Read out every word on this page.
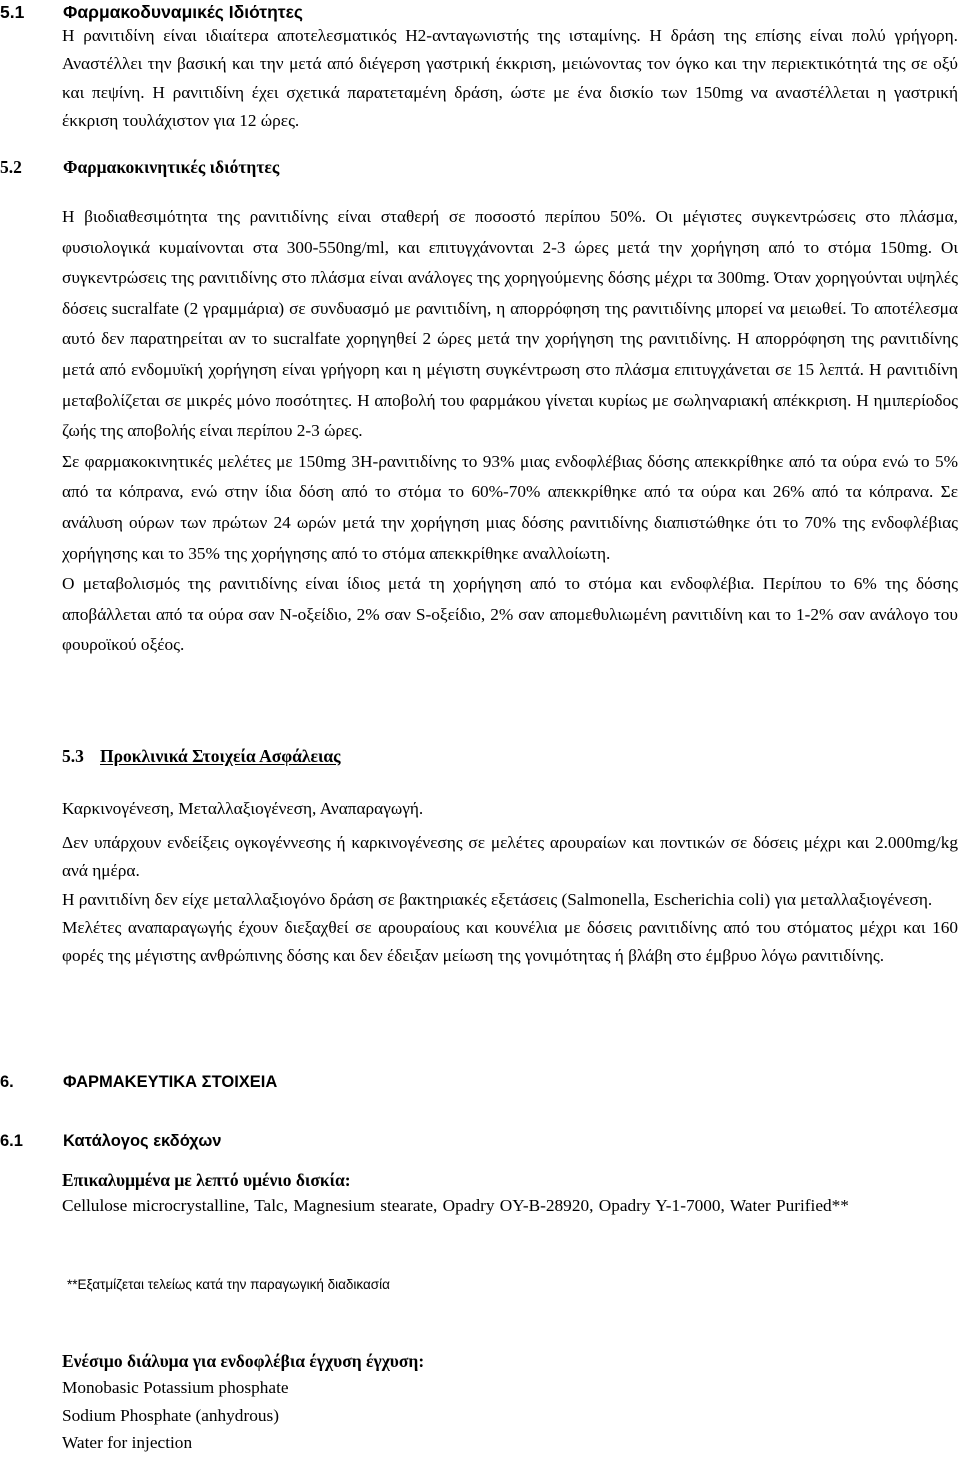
5.1 Φαρμακοδυναμικές Ιδιότητες

Η ρανιτιδίνη είναι ιδιαίτερα αποτελεσματικός Η2-ανταγωνιστής της ισταμίνης. Η δράση της επίσης είναι πολύ γρήγορη. Αναστέλλει την βασική και την μετά από διέγερση γαστρική έκκριση, μειώνοντας τον όγκο και την περιεκτικότητά της σε οξύ και πεψίνη. Η ρανιτιδίνη έχει σχετικά παρατεταμένη δράση, ώστε με ένα δισκίο των 150mg να αναστέλλεται η γαστρική έκκριση τουλάχιστον για 12 ώρες.

5.2 Φαρμακοκινητικές ιδιότητες

Η βιοδιαθεσιμότητα της ρανιτιδίνης είναι σταθερή σε ποσοστό περίπου 50%. Οι μέγιστες συγκεντρώσεις στο πλάσμα, φυσιολογικά κυμαίνονται στα 300-550ng/ml, και επιτυγχάνονται 2-3 ώρες μετά την χορήγηση από το στόμα 150mg. Οι συγκεντρώσεις της ρανιτιδίνης στο πλάσμα είναι ανάλογες της χορηγούμενης δόσης μέχρι τα 300mg. Όταν χορηγούνται υψηλές δόσεις sucralfate (2 γραμμάρια) σε συνδυασμό με ρανιτιδίνη, η απορρόφηση της ρανιτιδίνης μπορεί να μειωθεί. Το αποτέλεσμα αυτό δεν παρατηρείται αν το sucralfate χορηγηθεί 2 ώρες μετά την χορήγηση της ρανιτιδίνης. Η απορρόφηση της ρανιτιδίνης μετά από ενδομυϊκή χορήγηση είναι γρήγορη και η μέγιστη συγκέντρωση στο πλάσμα επιτυγχάνεται σε 15 λεπτά. Η ρανιτιδίνη μεταβολίζεται σε μικρές μόνο ποσότητες. Η αποβολή του φαρμάκου γίνεται κυρίως με σωληναριακή απέκκριση. Η ημιπερίοδος ζωής της αποβολής είναι περίπου 2-3 ώρες.

Σε φαρμακοκινητικές μελέτες με 150mg 3Η-ρανιτιδίνης το 93% μιας ενδοφλέβιας δόσης απεκκρίθηκε από τα ούρα ενώ το 5% από τα κόπρανα, ενώ στην ίδια δόση από το στόμα το 60%-70% απεκκρίθηκε από τα ούρα και 26% από τα κόπρανα. Σε ανάλυση ούρων των πρώτων 24 ωρών μετά την χορήγηση μιας δόσης ρανιτιδίνης διαπιστώθηκε ότι το 70% της ενδοφλέβιας χορήγησης και το 35% της χορήγησης από το στόμα απεκκρίθηκε αναλλοίωτη.

Ο μεταβολισμός της ρανιτιδίνης είναι ίδιος μετά τη χορήγηση από το στόμα και ενδοφλέβια. Περίπου το 6% της δόσης αποβάλλεται από τα ούρα σαν Ν-οξείδιο, 2% σαν S-οξείδιο, 2% σαν απομεθυλιωμένη ρανιτιδίνη και το 1-2% σαν ανάλογο του φουροϊκού οξέος.

5.3 Προκλινικά Στοιχεία Ασφάλειας

Καρκινογένεση, Μεταλλαξιογένεση, Αναπαραγωγή.

Δεν υπάρχουν ενδείξεις ογκογέννεσης ή καρκινογένεσης σε μελέτες αρουραίων και ποντικών σε δόσεις μέχρι και 2.000mg/kg ανά ημέρα.

Η ρανιτιδίνη δεν είχε μεταλλαξιογόνο δράση σε βακτηριακές εξετάσεις (Salmonella, Escherichia coli) για μεταλλαξιογένεση.

Μελέτες αναπαραγωγής έχουν διεξαχθεί σε αρουραίους και κουνέλια με δόσεις ρανιτιδίνης από του στόματος μέχρι και 160 φορές της μέγιστης ανθρώπινης δόσης και δεν έδειξαν μείωση της γονιμότητας ή βλάβη στο έμβρυο λόγω ρανιτιδίνης.

6.	ΦΑΡΜΑΚΕΥΤΙΚΑ ΣΤΟΙΧΕΙΑ
6.1 Κατάλογος εκδόχων
Επικαλυμμένα με λεπτό υμένιο δισκία:

Cellulose microcrystalline, Talc, Magnesium stearate, Opadry OY-B-28920, Opadry Y-1-7000, Water Purified**

**Εξατμίζεται τελείως κατά την παραγωγική διαδικασία
Ενέσιμο διάλυμα για ενδοφλέβια έγχυση έγχυση:
Monobasic Potassium phosphate
Sodium Phosphate (anhydrous)
Water for injection
